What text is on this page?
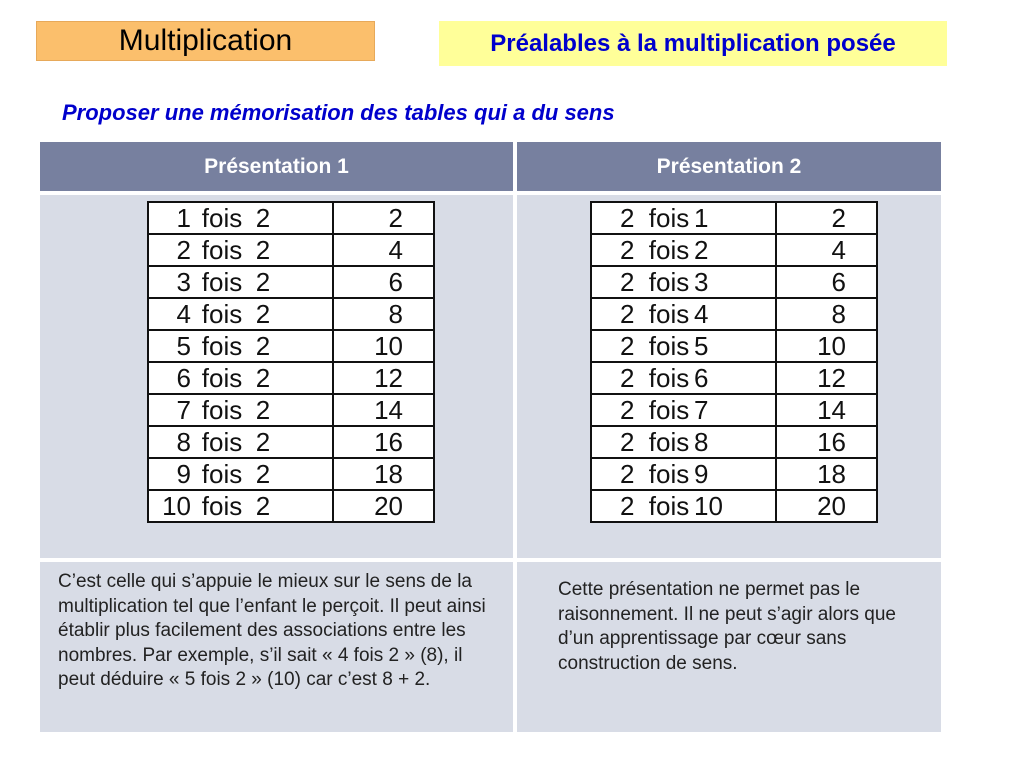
Multiplication	Préalables à la multiplication posée
Proposer une mémorisation des tables qui a du sens
Présentation 1	Présentation 2
1 fois 2	2
2 fois 2	4
3 fois 2	6
4 fois 2	8
5 fois 2	10
6 fois 2	12
7 fois 2	14
8 fois 2	16
9 fois 2	18
10 fois 2	20
2 fois 1	2
2 fois 2	4
2 fois 3	6
2 fois 4	8
2 fois 5	10
2 fois 6	12
2 fois 7	14
2 fois 8	16
2 fois 9	18
2 fois 10	20

C’est celle qui s’appuie le mieux sur le sens de la multiplication tel que l’enfant le perçoit. Il peut ainsi établir plus facilement des associations entre les nombres. Par exemple, s’il sait « 4 fois 2 » (8), il peut déduire « 5 fois 2 » (10) car c’est 8 + 2.

Cette présentation ne permet pas le raisonnement. Il ne peut s’agir alors que d’un apprentissage par cœur sans construction de sens.
